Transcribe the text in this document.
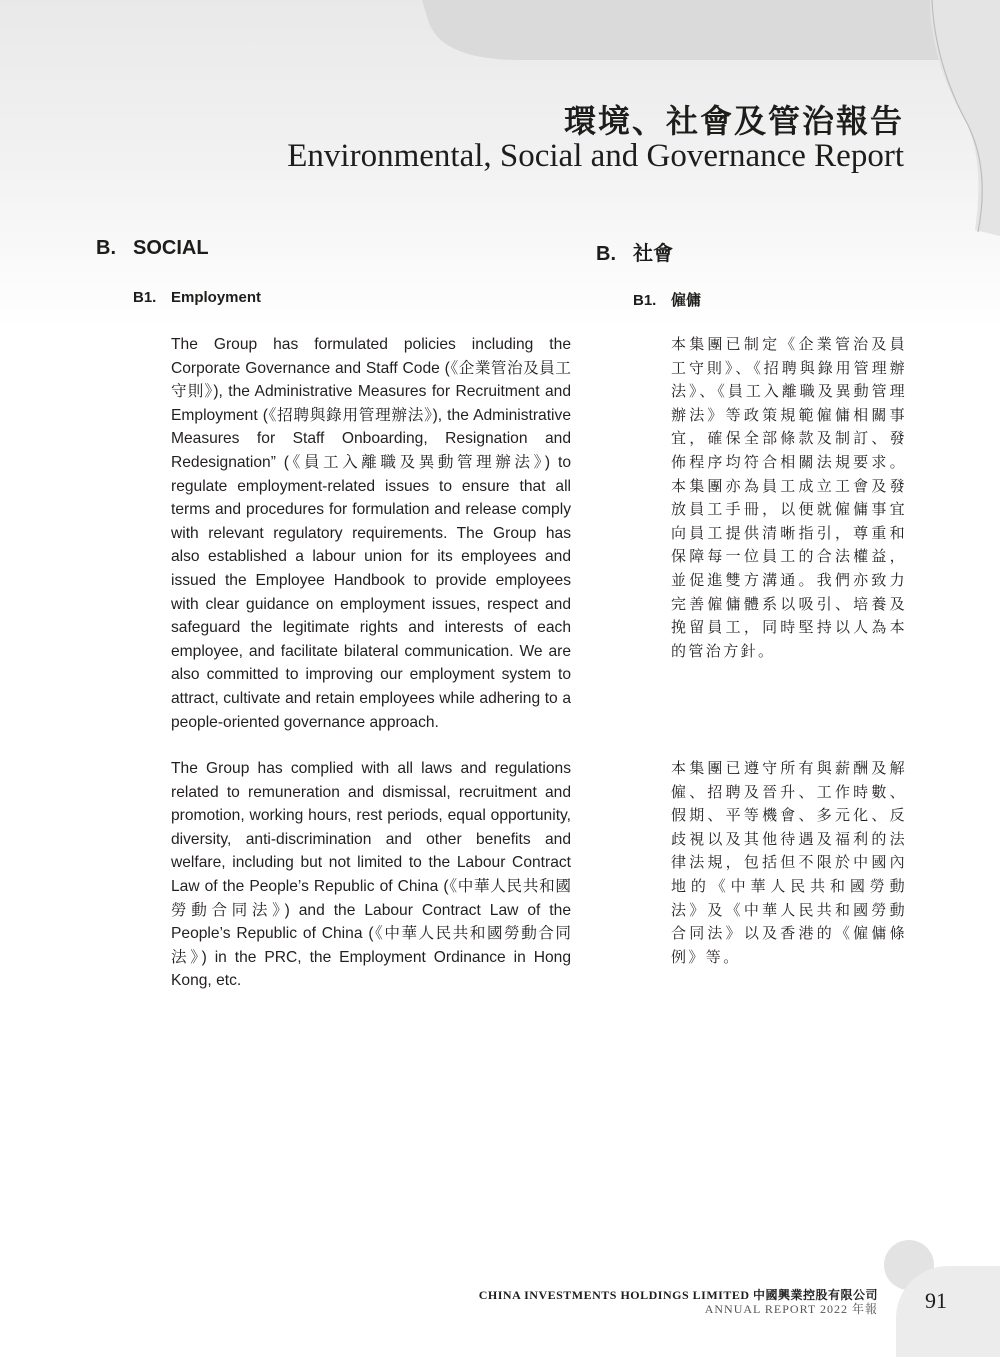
環境、社會及管治報告
Environmental, Social and Governance Report
B. SOCIAL	B. 社會
B1. Employment	B1. 僱傭
The Group has formulated policies including the Corporate Governance and Staff Code (《企業管治及員工守則》), the Administrative Measures for Recruitment and Employment (《招聘與錄用管理辦法》), the Administrative Measures for Staff Onboarding, Resignation and Redesignation” (《員工入離職及異動管理辦法》) to regulate employment-related issues to ensure that all terms and procedures for formulation and release comply with relevant regulatory requirements. The Group has also established a labour union for its employees and issued the Employee Handbook to provide employees with clear guidance on employment issues, respect and safeguard the legitimate rights and interests of each employee, and facilitate bilateral communication. We are also committed to improving our employment system to attract, cultivate and retain employees while adhering to a people-oriented governance approach.
The Group has complied with all laws and regulations related to remuneration and dismissal, recruitment and promotion, working hours, rest periods, equal opportunity, diversity, anti-discrimination and other benefits and welfare, including but not limited to the Labour Contract Law of the People’s Republic of China (《中華人民共和國勞動合同法》) and the Labour Contract Law of the People’s Republic of China (《中華人民共和國勞動合同法》) in the PRC, the Employment Ordinance in Hong Kong, etc.
本集團已制定《企業管治及員工守則》、《招聘與錄用管理辦法》、《員工入離職及異動管理辦法》等政策規範僱傭相關事宜，確保全部條款及制訂、發佈程序均符合相關法規要求。本集團亦為員工成立工會及發放員工手冊，以便就僱傭事宜向員工提供清晰指引，尊重和保障每一位員工的合法權益，並促進雙方溝通。我們亦致力完善僱傭體系以吸引、培養及挽留員工，同時堅持以人為本的管治方針。
本集團已遵守所有與薪酬及解僱、招聘及晉升、工作時數、假期、平等機會、多元化、反歧視以及其他待遇及福利的法律法規，包括但不限於中國內地的《中華人民共和國勞動法》及《中華人民共和國勞動合同法》以及香港的《僱傭條例》等。
CHINA INVESTMENTS HOLDINGS LIMITED 中國興業控股有限公司
ANNUAL REPORT 2022 年報 91
